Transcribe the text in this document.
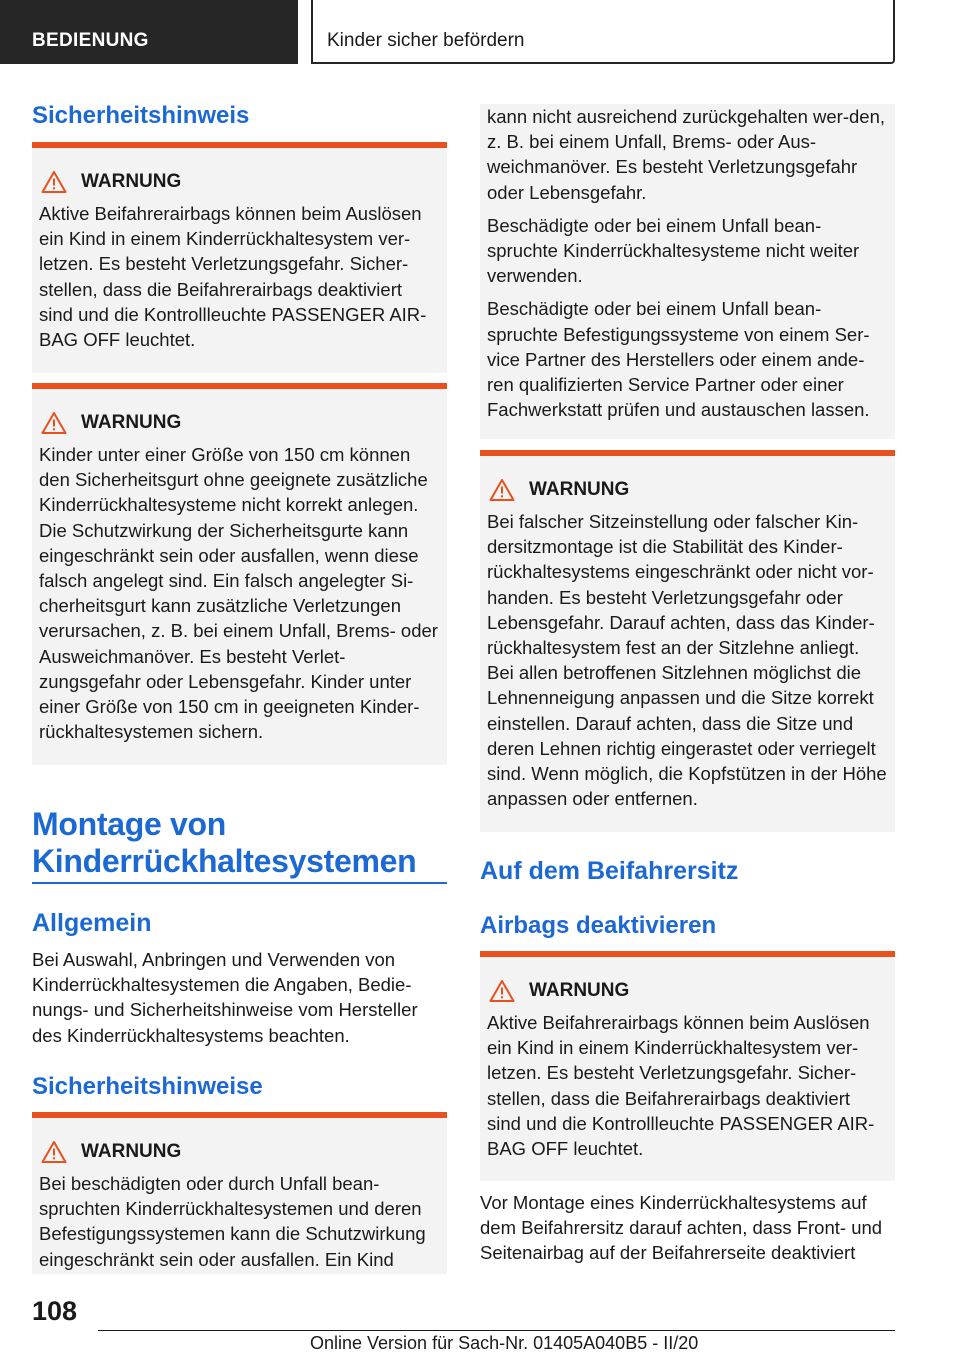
BEDIENUNG	Kinder sicher befördern
Sicherheitshinweis
WARNUNG

Aktive Beifahrerairbags können beim Auslösen ein Kind in einem Kinderrückhaltesystem ver-letzen. Es besteht Verletzungsgefahr. Sicher-stellen, dass die Beifahrerairbags deaktiviert sind und die Kontrollleuchte PASSENGER AIR-BAG OFF leuchtet.

WARNUNG

Kinder unter einer Größe von 150 cm können den Sicherheitsgurt ohne geeignete zusätzliche Kinderrückhaltesysteme nicht korrekt anlegen. Die Schutzwirkung der Sicherheitsgurte kann eingeschränkt sein oder ausfallen, wenn diese falsch angelegt sind. Ein falsch angelegter Si-cherheitsgurt kann zusätzliche Verletzungen verursachen, z. B. bei einem Unfall, Brems- oder Ausweichmanöver. Es besteht Verlet-zungsgefahr oder Lebensgefahr. Kinder unter einer Größe von 150 cm in geeigneten Kinder-rückhaltesystemen sichern.

Montage von
Kinderrückhaltesystemen
Allgemein

Bei Auswahl, Anbringen und Verwenden von Kinderrückhaltesystemen die Angaben, Bedie-nungs- und Sicherheitshinweise vom Hersteller des Kinderrückhaltesystems beachten.

Sicherheitshinweise
WARNUNG

Bei beschädigten oder durch Unfall bean-spruchten Kinderrückhaltesystemen und deren Befestigungssystemen kann die Schutzwirkung eingeschränkt sein oder ausfallen. Ein Kind

kann nicht ausreichend zurückgehalten wer-den, z. B. bei einem Unfall, Brems- oder Aus-weichmanöver. Es besteht Verletzungsgefahr oder Lebensgefahr.

Beschädigte oder bei einem Unfall bean-spruchte Kinderrückhaltesysteme nicht weiter verwenden.

Beschädigte oder bei einem Unfall bean-spruchte Befestigungssysteme von einem Ser-vice Partner des Herstellers oder einem ande-ren qualifizierten Service Partner oder einer Fachwerkstatt prüfen und austauschen lassen.

WARNUNG

Bei falscher Sitzeinstellung oder falscher Kin-dersitzmontage ist die Stabilität des Kinder-rückhaltesystems eingeschränkt oder nicht vor-handen. Es besteht Verletzungsgefahr oder Lebensgefahr. Darauf achten, dass das Kinder-rückhaltesystem fest an der Sitzlehne anliegt. Bei allen betroffenen Sitzlehnen möglichst die Lehnenneigung anpassen und die Sitze korrekt einstellen. Darauf achten, dass die Sitze und deren Lehnen richtig eingerastet oder verriegelt sind. Wenn möglich, die Kopfstützen in der Höhe anpassen oder entfernen.

Auf dem Beifahrersitz
Airbags deaktivieren
WARNUNG

Aktive Beifahrerairbags können beim Auslösen ein Kind in einem Kinderrückhaltesystem ver-letzen. Es besteht Verletzungsgefahr. Sicher-stellen, dass die Beifahrerairbags deaktiviert sind und die Kontrollleuchte PASSENGER AIR-BAG OFF leuchtet.

Vor Montage eines Kinderrückhaltesystems auf dem Beifahrersitz darauf achten, dass Front- und Seitenairbag auf der Beifahrerseite deaktiviert

108
Online Version für Sach-Nr. 01405A040B5 - II/20
